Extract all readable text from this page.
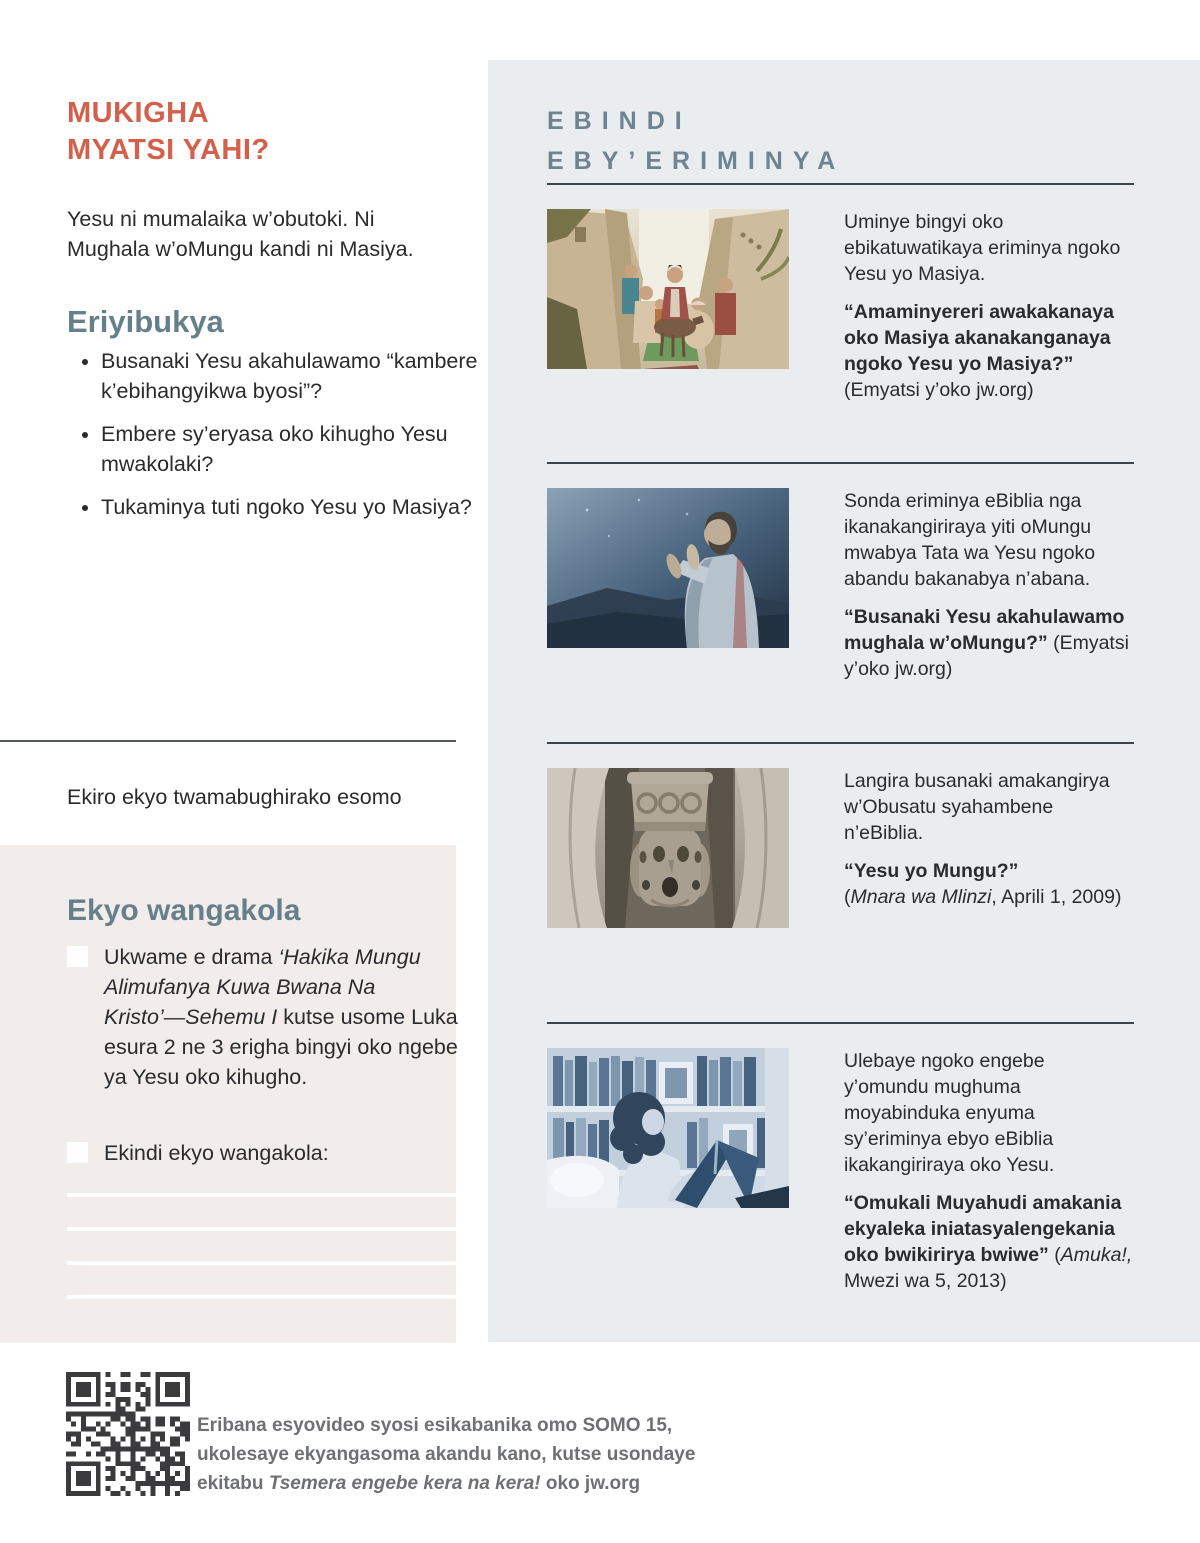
MUKIGHA
MYATSI YAHI?

Yesu ni mumalaika w’obutoki. Ni Mughala w’oMungu kandi ni Masiya.

Eriyibukya
• Busanaki Yesu akahulawamo “kambere k’ebihangyikwa byosi”?
• Embere sy’eryasa oko kihugho Yesu mwakolaki?
• Tukaminya tuti ngoko Yesu yo Masiya?

Ekiro ekyo twamabughirako esomo

Ekyo wangakola
Ukwame e drama ‘Hakika Mungu Alimufanya Kuwa Bwana Na Kristo’—Sehemu I kutse usome Luka esura 2 ne 3 erigha bingyi oko ngebe ya Yesu oko kihugho.
Ekindi ekyo wangakola:
EBINDI
EBY’ERIMINYA

Uminye bingyi oko ebikatuwatikaya eriminya ngoko Yesu yo Masiya.

“Amaminyereri awakakanaya oko Masiya akanakanganaya ngoko Yesu yo Masiya?”

(Emyatsi y’oko jw.org)

Sonda eriminya eBiblia nga ikanakangiriraya yiti oMungu mwabya Tata wa Yesu ngoko abandu bakanabya n’abana.

“Busanaki Yesu akahulawamo mughala w’oMungu?” (Emyatsi y’oko jw.org)

Langira busanaki amakangirya w’Obusatu syahambene n’eBiblia.

“Yesu yo Mungu?”

(Mnara wa Mlinzi, Aprili 1, 2009)

Ulebaye ngoko engebe y’omundu mughuma moyabinduka enyuma sy’eriminya ebyo eBiblia ikakangiriraya oko Yesu.

“Omukali Muyahudi amakania ekyaleka iniatasyalengekania oko bwikirirya bwiwe” (Amuka!, Mwezi wa 5, 2013)

Eribana esyovideo syosi esikabanika omo SOMO 15,
ukolesaye ekyangasoma akandu kano, kutse usondaye
ekitabu Tsemera engebe kera na kera! oko jw.org
